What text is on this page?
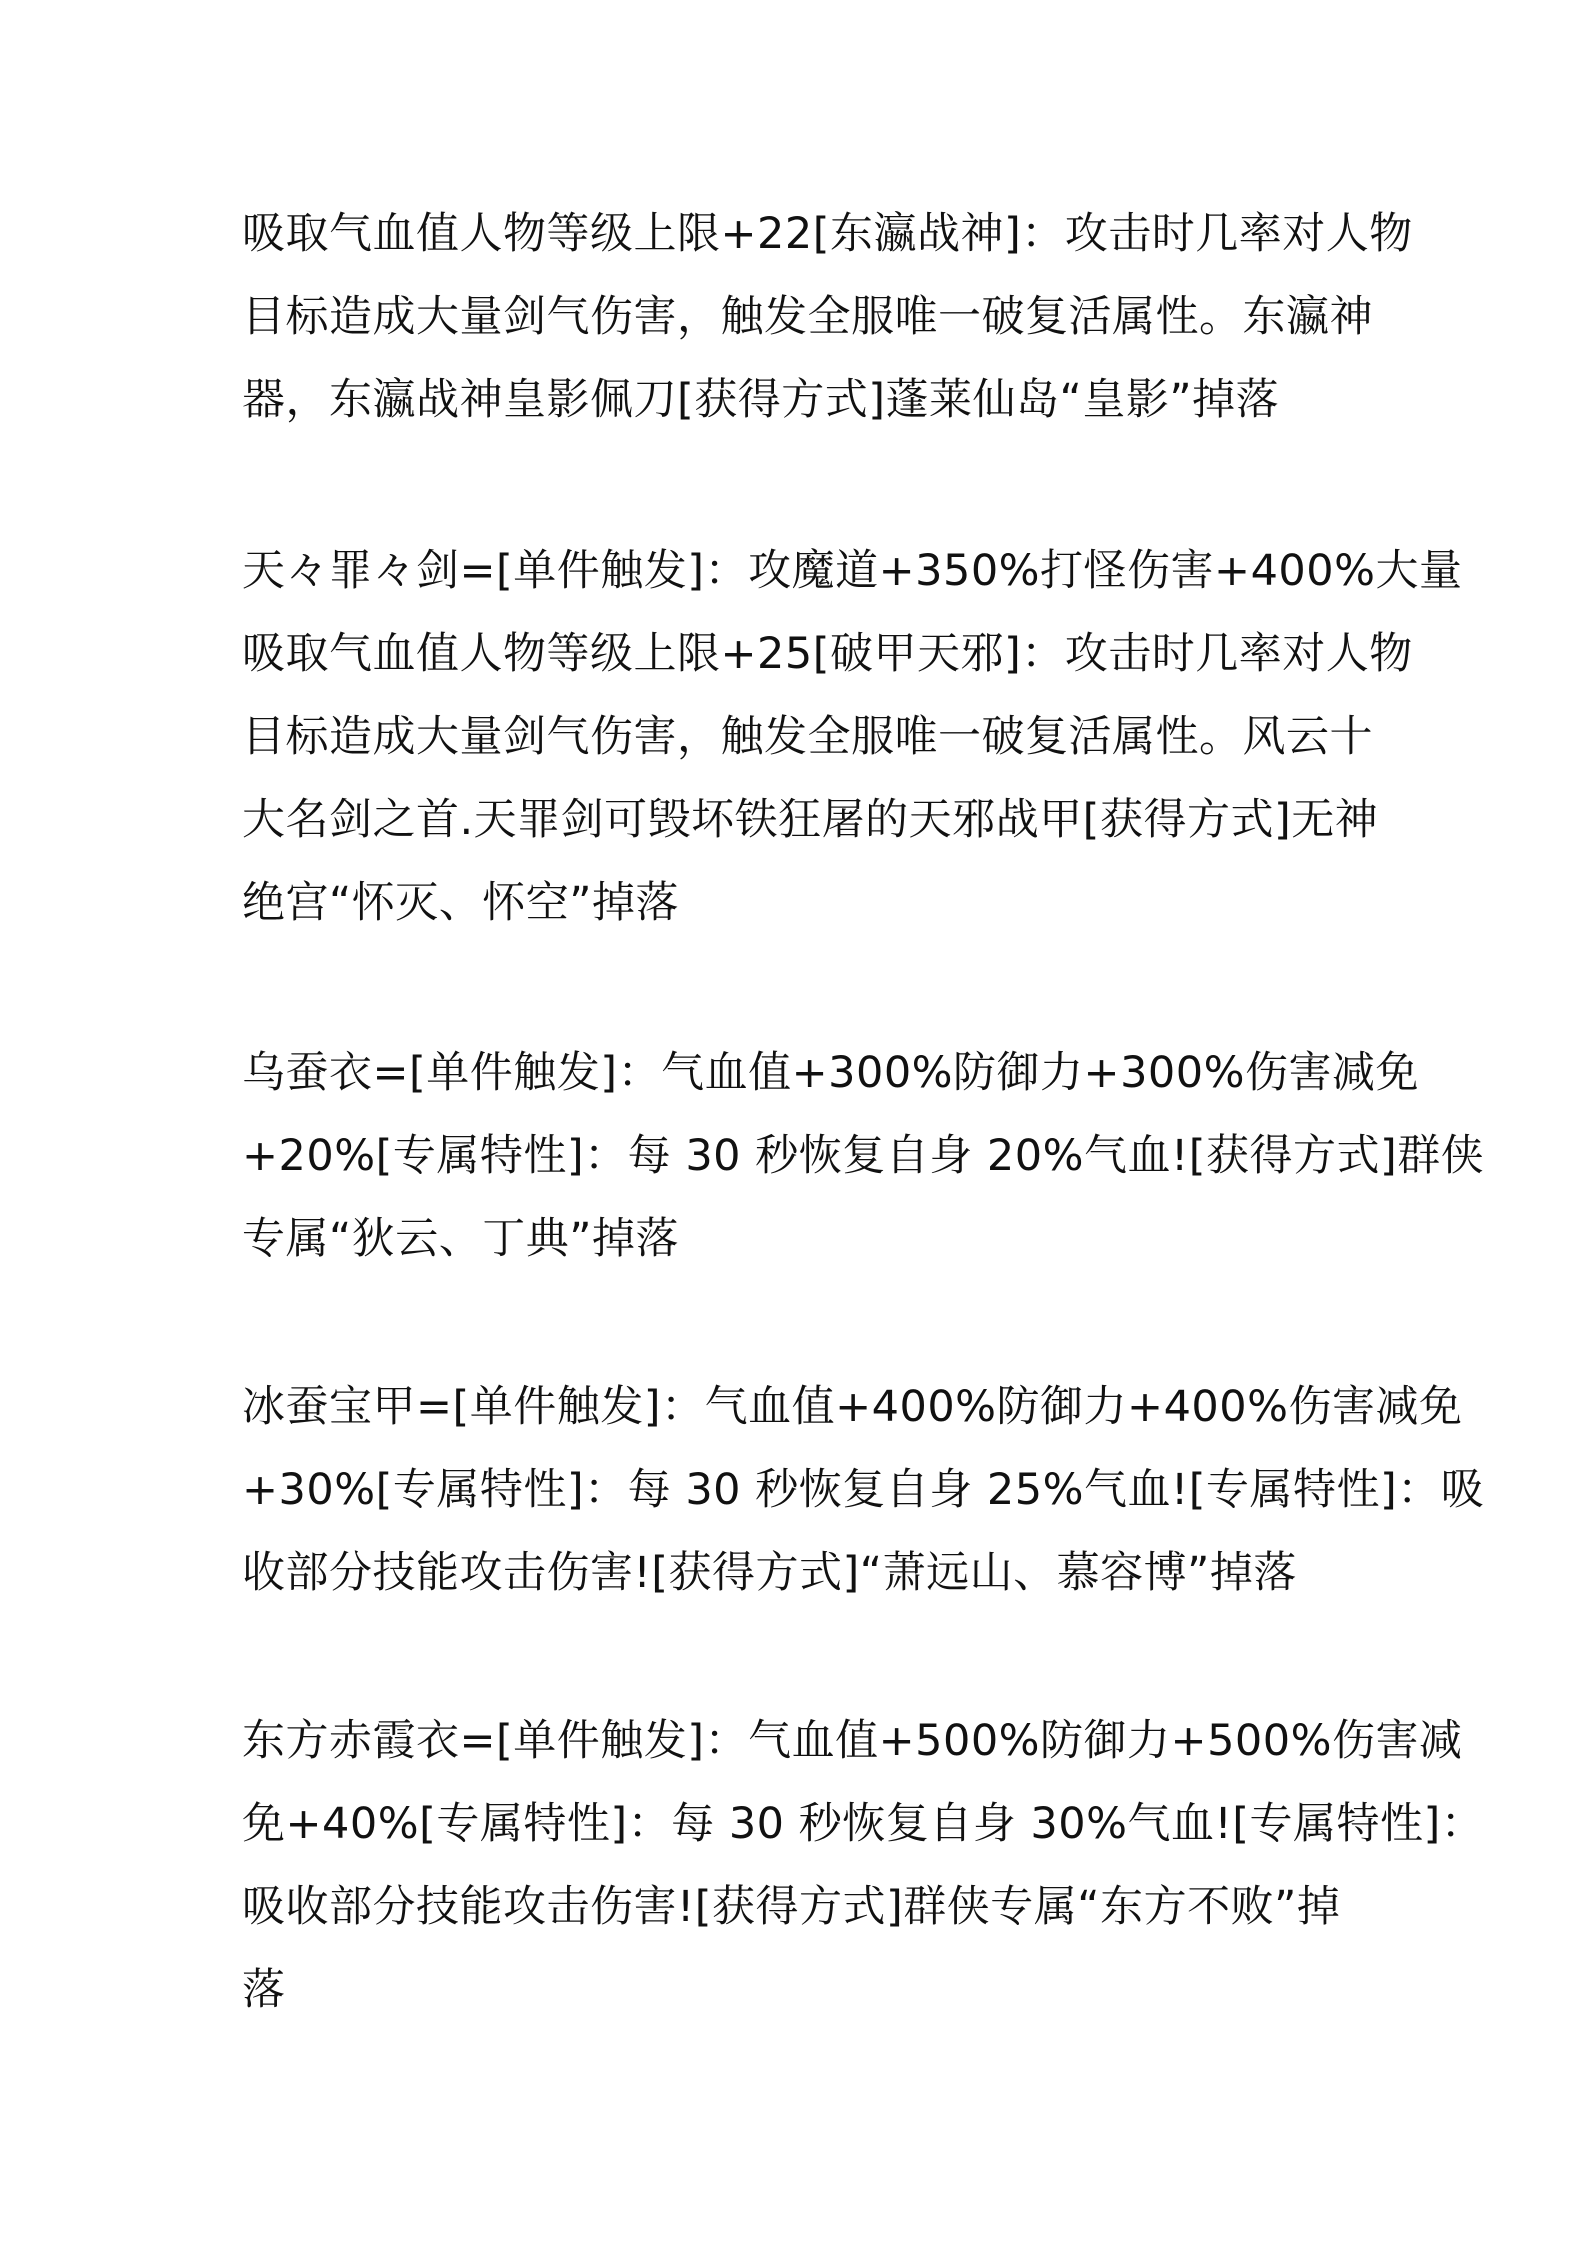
吸取气血值人物等级上限+22[东瀛战神]：攻击时几率对人物
目标造成大量剑气伤害，触发全服唯一破复活属性。东瀛神
器，东瀛战神皇影佩刀[获得方式]蓬莱仙岛“皇影”掉落
天々罪々剑=[单件触发]：攻魔道+350%打怪伤害+400%大量
吸取气血值人物等级上限+25[破甲天邪]：攻击时几率对人物
目标造成大量剑气伤害，触发全服唯一破复活属性。风云十
大名剑之首.天罪剑可毁坏铁狂屠的天邪战甲[获得方式]无神
绝宫“怀灭、怀空”掉落
乌蚕衣=[单件触发]：气血值+300%防御力+300%伤害减免
+20%[专属特性]：每 30 秒恢复自身 20%气血![获得方式]群侠
专属“狄云、丁典”掉落
冰蚕宝甲=[单件触发]：气血值+400%防御力+400%伤害减免
+30%[专属特性]：每 30 秒恢复自身 25%气血![专属特性]：吸
收部分技能攻击伤害![获得方式]“萧远山、慕容博”掉落
东方赤霞衣=[单件触发]：气血值+500%防御力+500%伤害减
免+40%[专属特性]：每 30 秒恢复自身 30%气血![专属特性]：
吸收部分技能攻击伤害![获得方式]群侠专属“东方不败”掉
落
